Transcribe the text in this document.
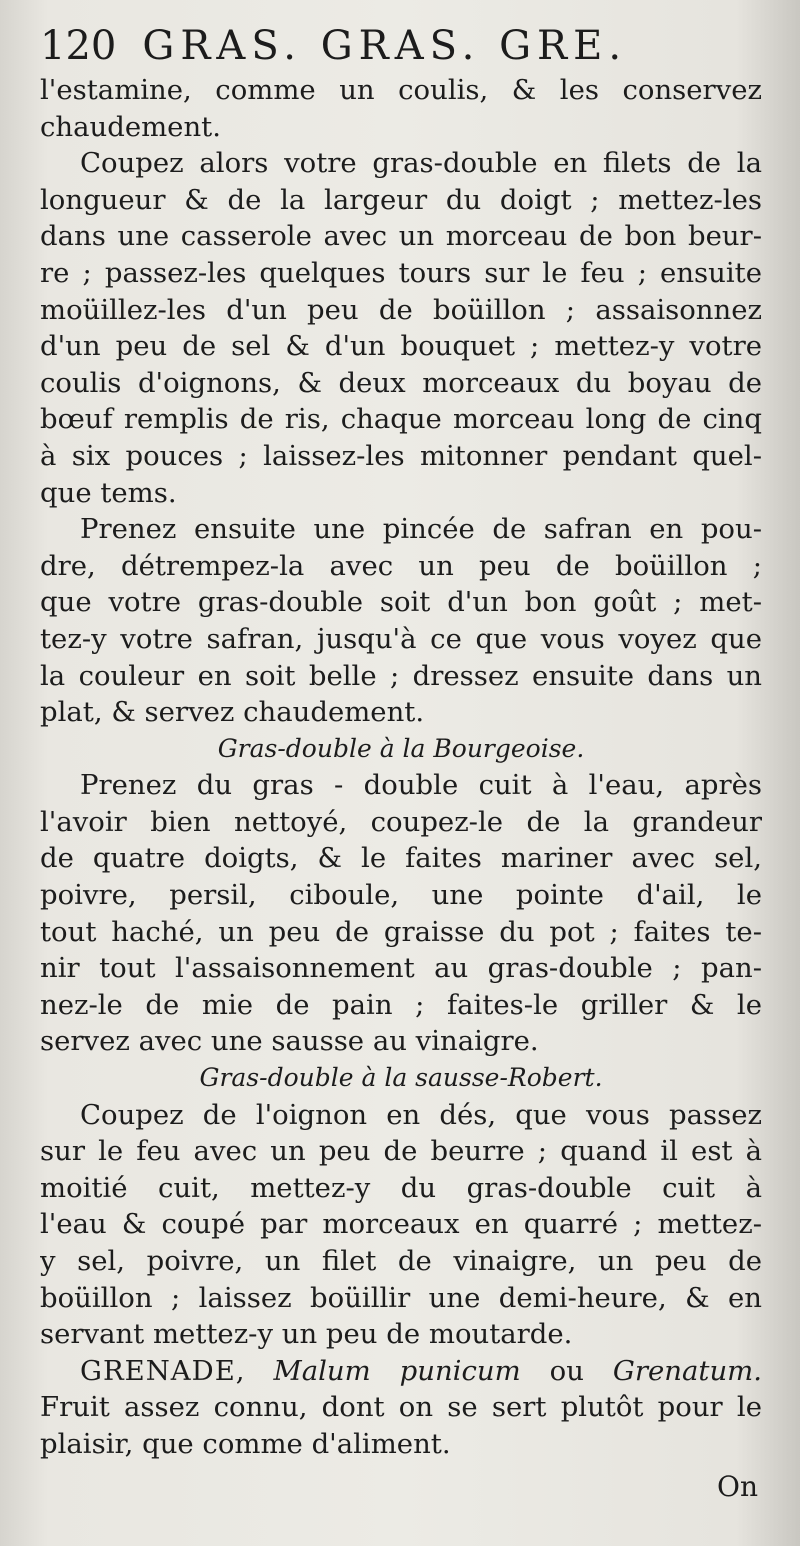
120 GRAS. GRAS. GRE.
l'estamine, comme un coulis, & les conservez
chaudement.
Coupez alors votre gras-double en filets de la
longueur & de la largeur du doigt ; mettez-les
dans une casserole avec un morceau de bon beur-
re ; passez-les quelques tours sur le feu ; ensuite
moüillez-les d'un peu de boüillon ; assaisonnez
d'un peu de sel & d'un bouquet ; mettez-y votre
coulis d'oignons, & deux morceaux du boyau de
bœuf remplis de ris, chaque morceau long de cinq
à six pouces ; laissez-les mitonner pendant quel-
que tems.
Prenez ensuite une pincée de safran en pou-
dre, détrempez-la avec un peu de boüillon ;
que votre gras-double soit d'un bon goût ; met-
tez-y votre safran, jusqu'à ce que vous voyez que
la couleur en soit belle ; dressez ensuite dans un
plat, & servez chaudement.
Gras-double à la Bourgeoise.
Prenez du gras - double cuit à l'eau, après
l'avoir bien nettoyé, coupez-le de la grandeur
de quatre doigts, & le faites mariner avec sel,
poivre, persil, ciboule, une pointe d'ail, le
tout haché, un peu de graisse du pot ; faites te-
nir tout l'assaisonnement au gras-double ; pan-
nez-le de mie de pain ; faites-le griller & le
servez avec une sausse au vinaigre.
Gras-double à la sausse-Robert.
Coupez de l'oignon en dés, que vous passez
sur le feu avec un peu de beurre ; quand il est à
moitié cuit, mettez-y du gras-double cuit à
l'eau & coupé par morceaux en quarré ; mettez-
y sel, poivre, un filet de vinaigre, un peu de
boüillon ; laissez boüillir une demi-heure, & en
servant mettez-y un peu de moutarde.
GRENADE, Malum punicum ou Grenatum.
Fruit assez connu, dont on se sert plutôt pour le
plaisir, que comme d'aliment.
On
